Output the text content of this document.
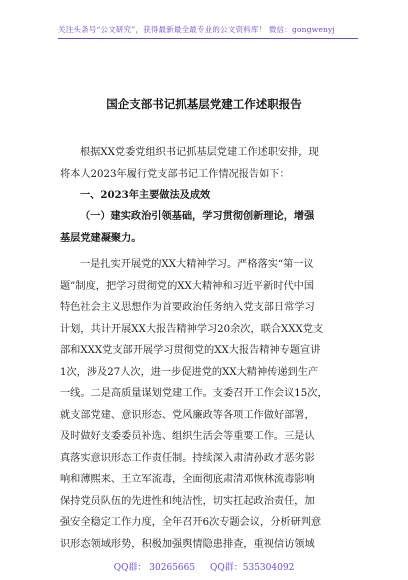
关注头条号“公文研究”，获得最新最全最专业的公文资料库！ 微信：gongwenyj
国企支部书记抓基层党建工作述职报告
根据XX党委党组织书记抓基层党建工作述职安排，现
将本人2023年履行党支部书记工作情况报告如下：
一、2023年主要做法及成效
（一）建实政治引领基础，学习贯彻创新理论，增强
基层党建凝聚力。
一是扎实开展党的XX大精神学习。严格落实“第一议
题”制度，把学习贯彻党的XX大精神和习近平新时代中国
特色社会主义思想作为首要政治任务纳入党支部日常学习
计划，共计开展XX大报告精神学习20余次，联合XXX党支
部和XXX党支部开展学习贯彻党的XX大报告精神专题宣讲
1次，涉及27人次，进一步促进党的XX大精神传递到生产
一线。二是高质量谋划党建工作。支委召开工作会议15次，
就支部党建、意识形态、党风廉政等各项工作做好部署，
及时做好支委委员补选、组织生活会等重要工作。三是认
真落实意识形态工作责任制。持续深入肃清孙政才恶劣影
响和薄熙来、王立军流毒，全面彻底肃清邓恢林流毒影响
保持党员队伍的先进性和纯洁性，切实扛起政治责任，加
强安全稳定工作力度，全年召开6次专题会议，分析研判意
识形态领域形势，积极加强舆情隐患排查，重视信访领域
QQ群： 30265665 QQ群：535304092
